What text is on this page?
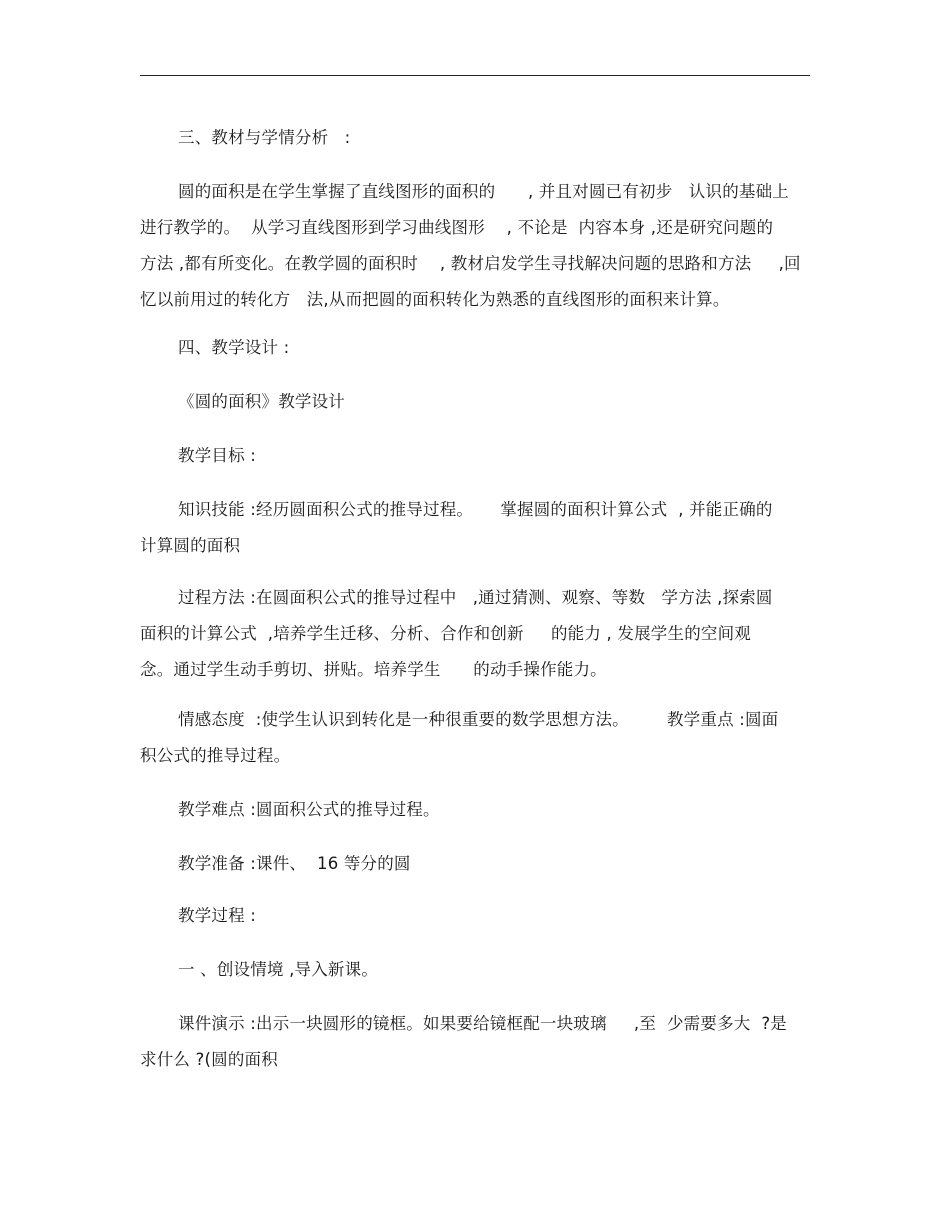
三、教材与学情分析   :
圆的面积是在学生掌握了直线图形的面积的      , 并且对圆已有初步   认识的基础上
进行教学的。  从学习直线图形到学习曲线图形    , 不论是  内容本身 ,还是研究问题的
方法 ,都有所变化。在教学圆的面积时    , 教材启发学生寻找解决问题的思路和方法     ,回
忆以前用过的转化方   法,从而把圆的面积转化为熟悉的直线图形的面积来计算。
四、教学设计 :
《圆的面积》教学设计
教学目标 :
知识技能 :经历圆面积公式的推导过程。     掌握圆的面积计算公式  , 并能正确的
计算圆的面积
过程方法 :在圆面积公式的推导过程中   ,通过猜测、观察、等数   学方法 ,探索圆
面积的计算公式  ,培养学生迁移、分析、合作和创新     的能力 , 发展学生的空间观
念。通过学生动手剪切、拼贴。培养学生      的动手操作能力。
情感态度  :使学生认识到转化是一种很重要的数学思想方法。       教学重点 :圆面
积公式的推导过程。
教学难点 :圆面积公式的推导过程。
教学准备 :课件、  16 等分的圆
教学过程 :
一 、创设情境 ,导入新课。
课件演示 :出示一块圆形的镜框。如果要给镜框配一块玻璃     ,至  少需要多大  ?是
求什么 ?(圆的面积
